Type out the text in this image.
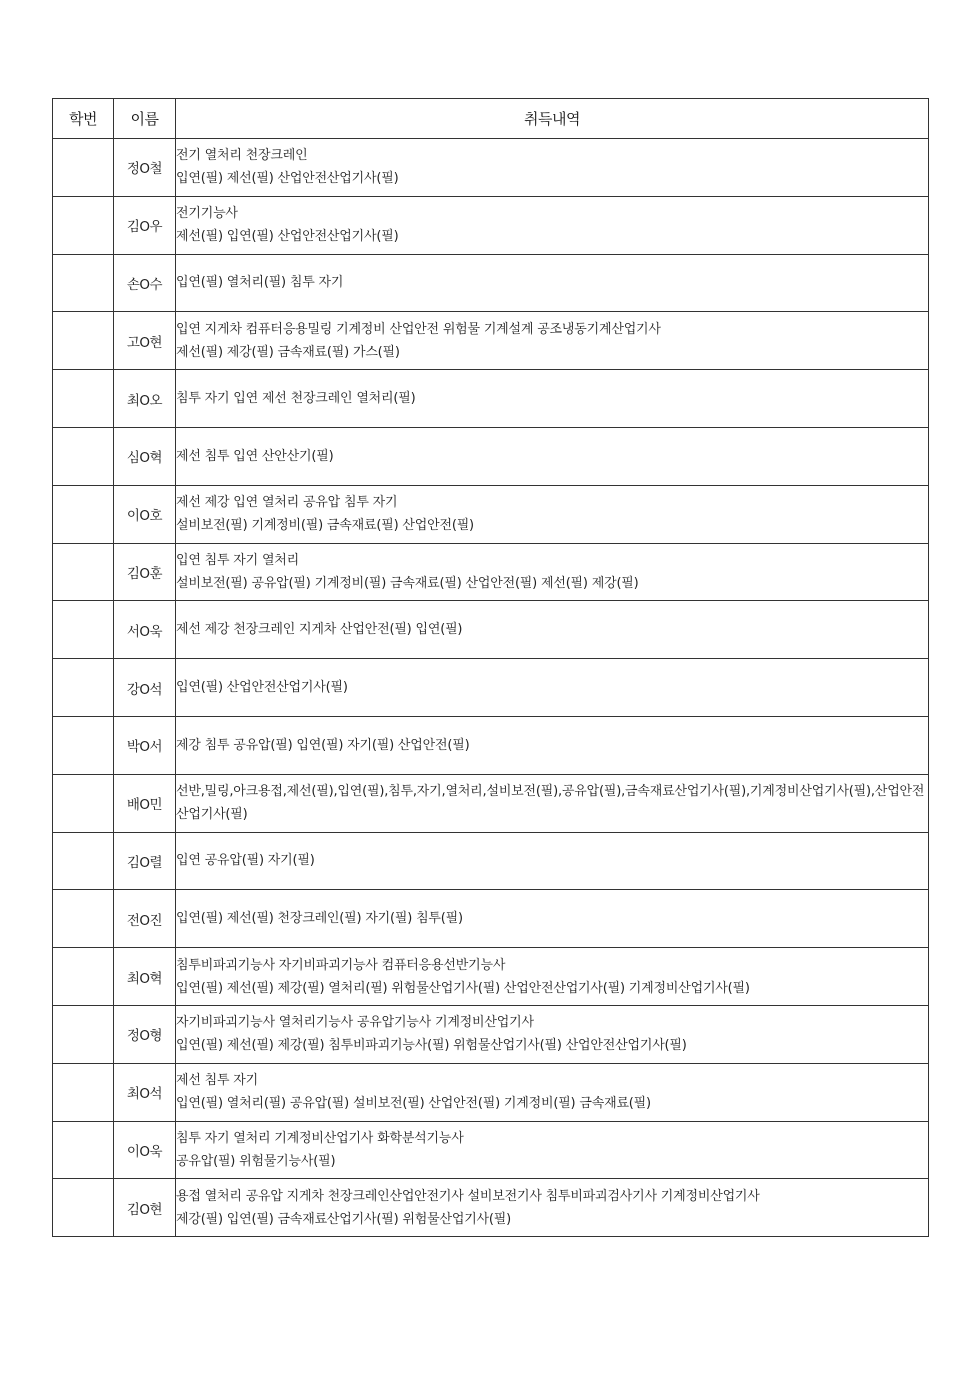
학번	이름	취득내역
	정O철	전기 열처리 천장크레인
입연(필) 제선(필) 산업안전산업기사(필)

	김O우	전기기능사
제선(필) 입연(필) 산업안전산업기사(필)

	손O수	입연(필) 열처리(필) 침투 자기

	고O현	입연 지게차 컴퓨터응용밀링 기계정비 산업안전 위험물 기계설계 공조냉동기계산업기사
제선(필) 제강(필) 금속재료(필) 가스(필)

	최O오	침투 자기 입연 제선 천장크레인 열처리(필)

	심O혁	제선 침투 입연 산안산기(필)

	이O호	제선 제강 입연 열처리 공유압 침투 자기
설비보전(필) 기계정비(필) 금속재료(필) 산업안전(필)

	김O훈	입연 침투 자기 열처리
설비보전(필) 공유압(필) 기계정비(필) 금속재료(필) 산업안전(필) 제선(필) 제강(필)

	서O욱	제선 제강 천장크레인 지게차 산업안전(필) 입연(필)

	강O석	입연(필) 산업안전산업기사(필)

	박O서	제강 침투 공유압(필) 입연(필) 자기(필) 산업안전(필)

	배O민	선반,밀링,아크용접,제선(필),입연(필),침투,자기,열처리,설비보전(필),공유압(필),금속재료산업기사(필),기계정비산업기사(필),산업안전산업기사(필)

	김O렬	입연 공유압(필) 자기(필)

	전O진	입연(필) 제선(필) 천장크레인(필) 자기(필) 침투(필)

	최O혁	침투비파괴기능사 자기비파괴기능사 컴퓨터응용선반기능사
입연(필) 제선(필) 제강(필) 열처리(필) 위험물산업기사(필) 산업안전산업기사(필) 기계정비산업기사(필)

	정O형	자기비파괴기능사 열처리기능사 공유압기능사 기계정비산업기사
입연(필) 제선(필) 제강(필) 침투비파괴기능사(필) 위험물산업기사(필) 산업안전산업기사(필)

	최O석	제선 침투 자기
입연(필) 열처리(필) 공유압(필) 설비보전(필) 산업안전(필) 기계정비(필) 금속재료(필)

	이O욱	침투 자기 열처리 기계정비산업기사 화학분석기능사
공유압(필) 위험물기능사(필)

	김O현	용접 열처리 공유압 지게차 천장크레인산업안전기사 설비보전기사 침투비파괴검사기사 기계정비산업기사
제강(필) 입연(필) 금속재료산업기사(필) 위험물산업기사(필)
